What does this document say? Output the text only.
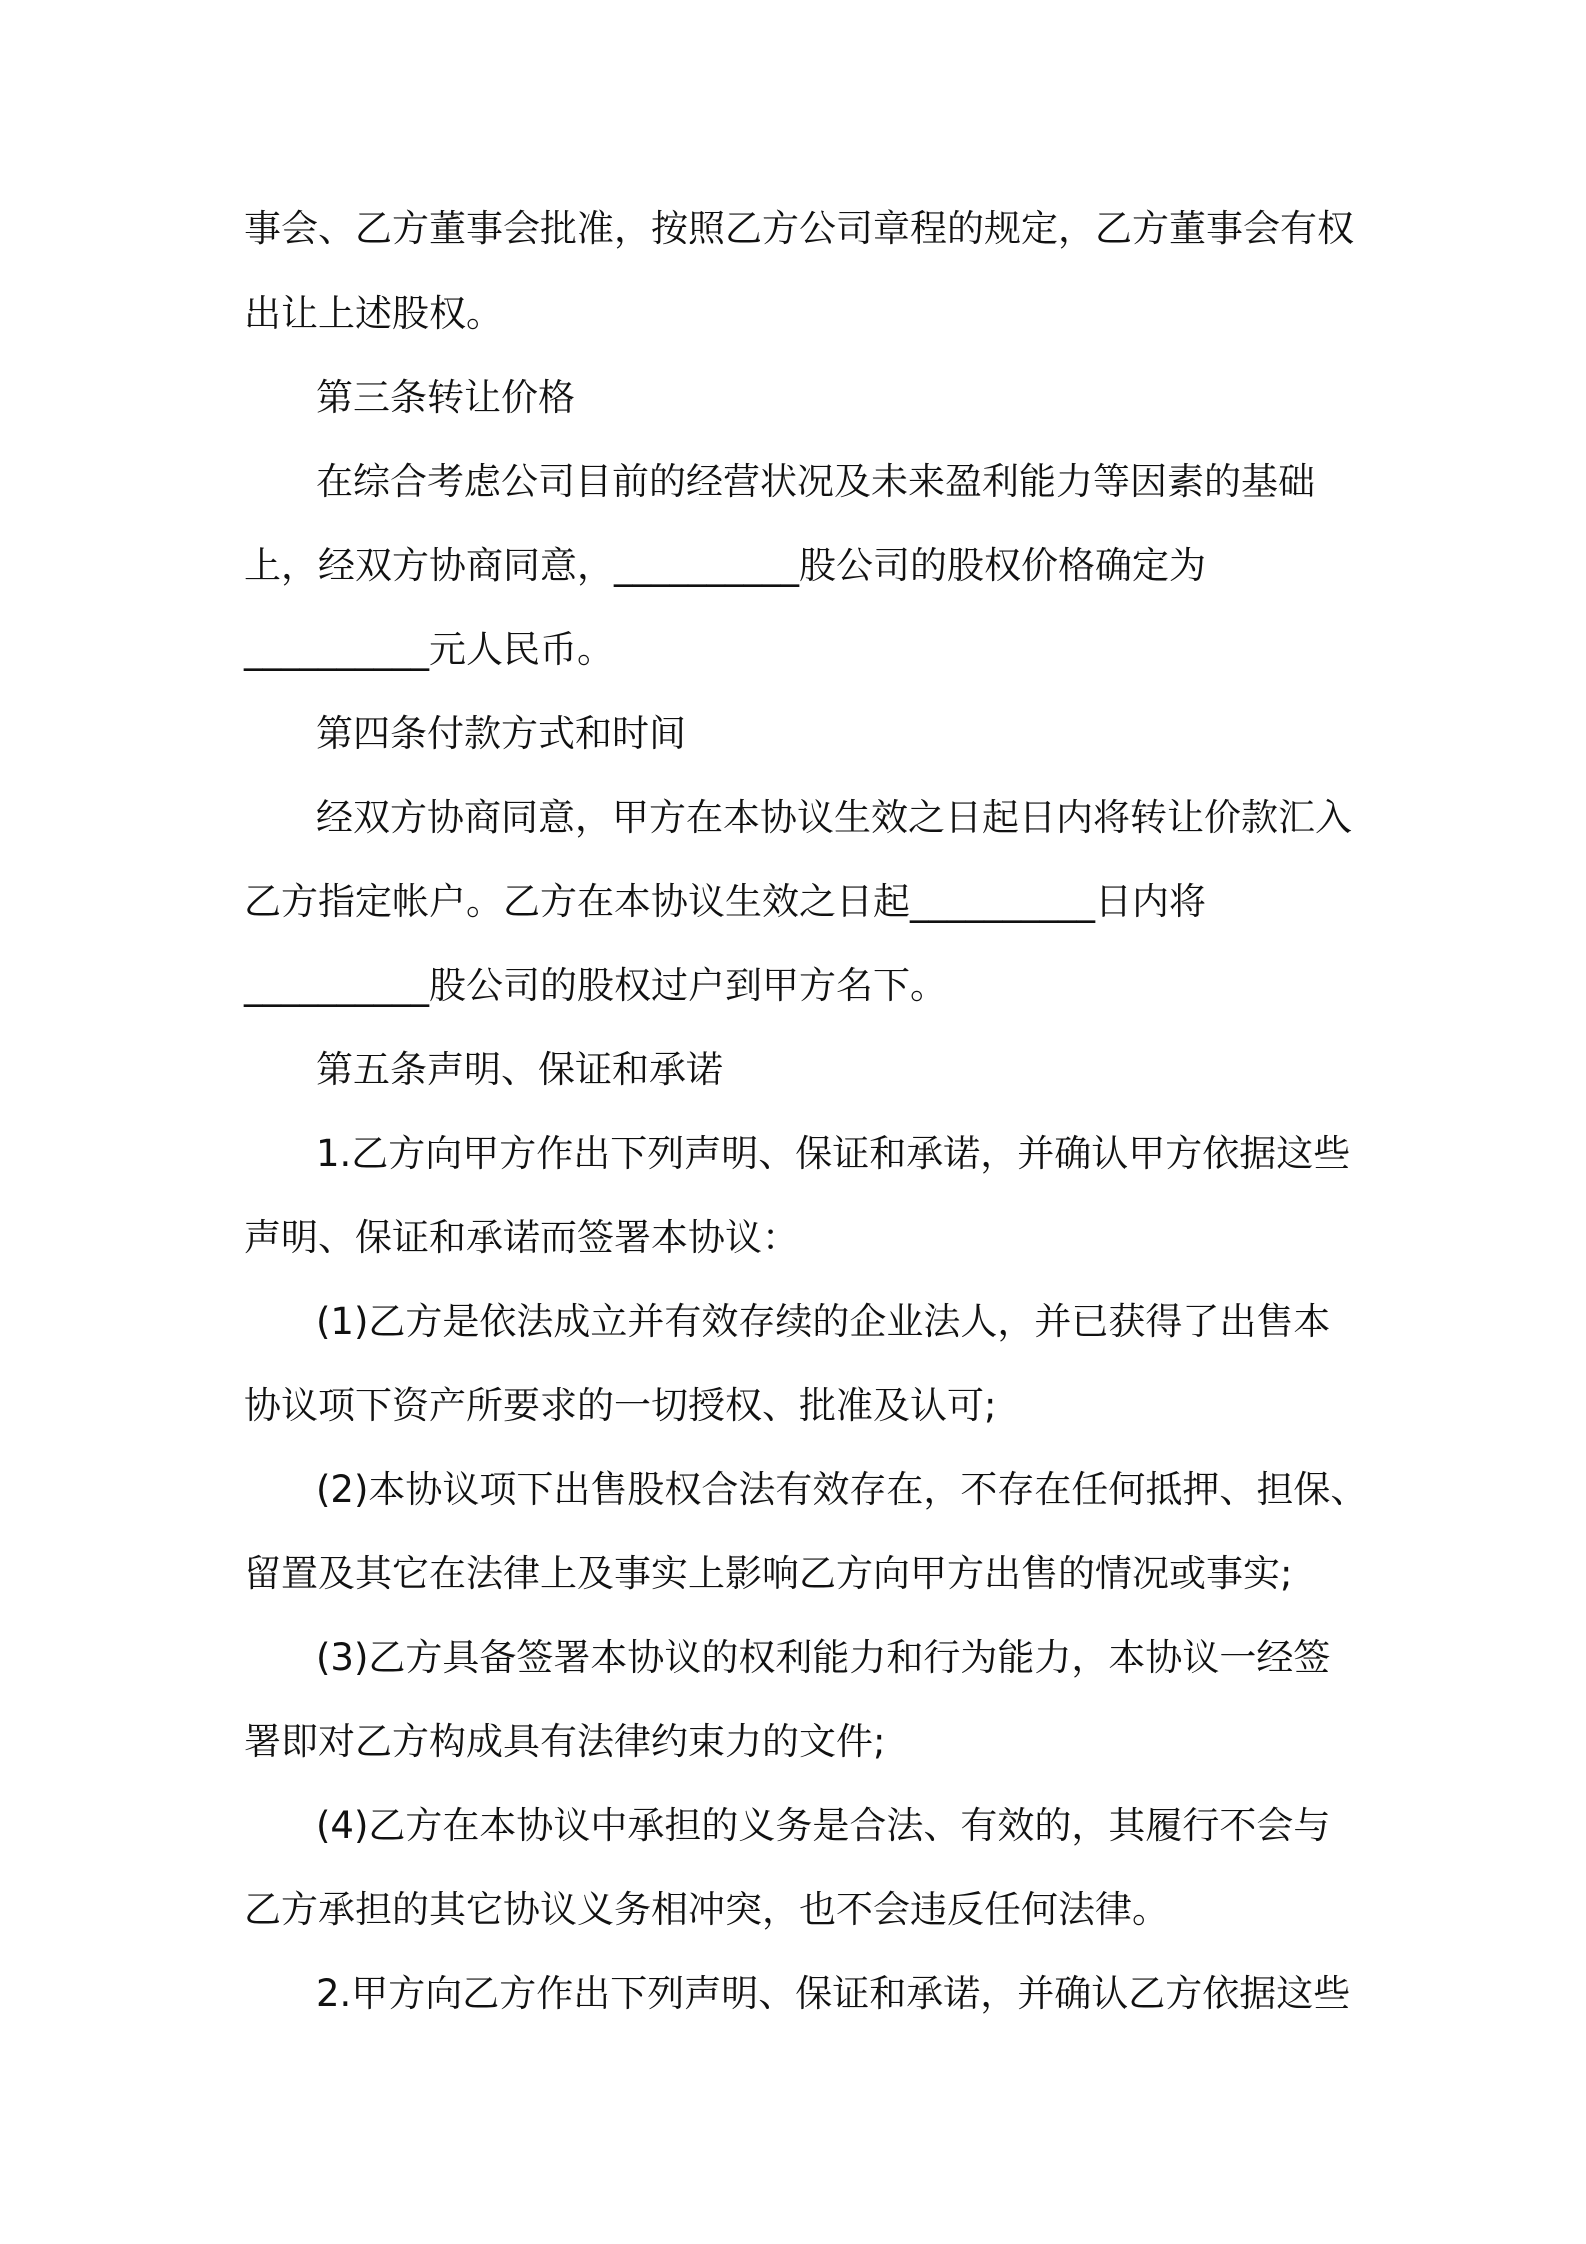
事会、乙方董事会批准，按照乙方公司章程的规定，乙方董事会有权
出让上述股权。
第三条转让价格
在综合考虑公司目前的经营状况及未来盈利能力等因素的基础
上，经双方协商同意，__________股公司的股权价格确定为
__________元人民币。
第四条付款方式和时间
经双方协商同意，甲方在本协议生效之日起日内将转让价款汇入
乙方指定帐户。乙方在本协议生效之日起__________日内将
__________股公司的股权过户到甲方名下。
第五条声明、保证和承诺
1.乙方向甲方作出下列声明、保证和承诺，并确认甲方依据这些
声明、保证和承诺而签署本协议：
(1)乙方是依法成立并有效存续的企业法人，并已获得了出售本
协议项下资产所要求的一切授权、批准及认可;
(2)本协议项下出售股权合法有效存在，不存在任何抵押、担保、
留置及其它在法律上及事实上影响乙方向甲方出售的情况或事实;
(3)乙方具备签署本协议的权利能力和行为能力，本协议一经签
署即对乙方构成具有法律约束力的文件;
(4)乙方在本协议中承担的义务是合法、有效的，其履行不会与
乙方承担的其它协议义务相冲突，也不会违反任何法律。
2.甲方向乙方作出下列声明、保证和承诺，并确认乙方依据这些
